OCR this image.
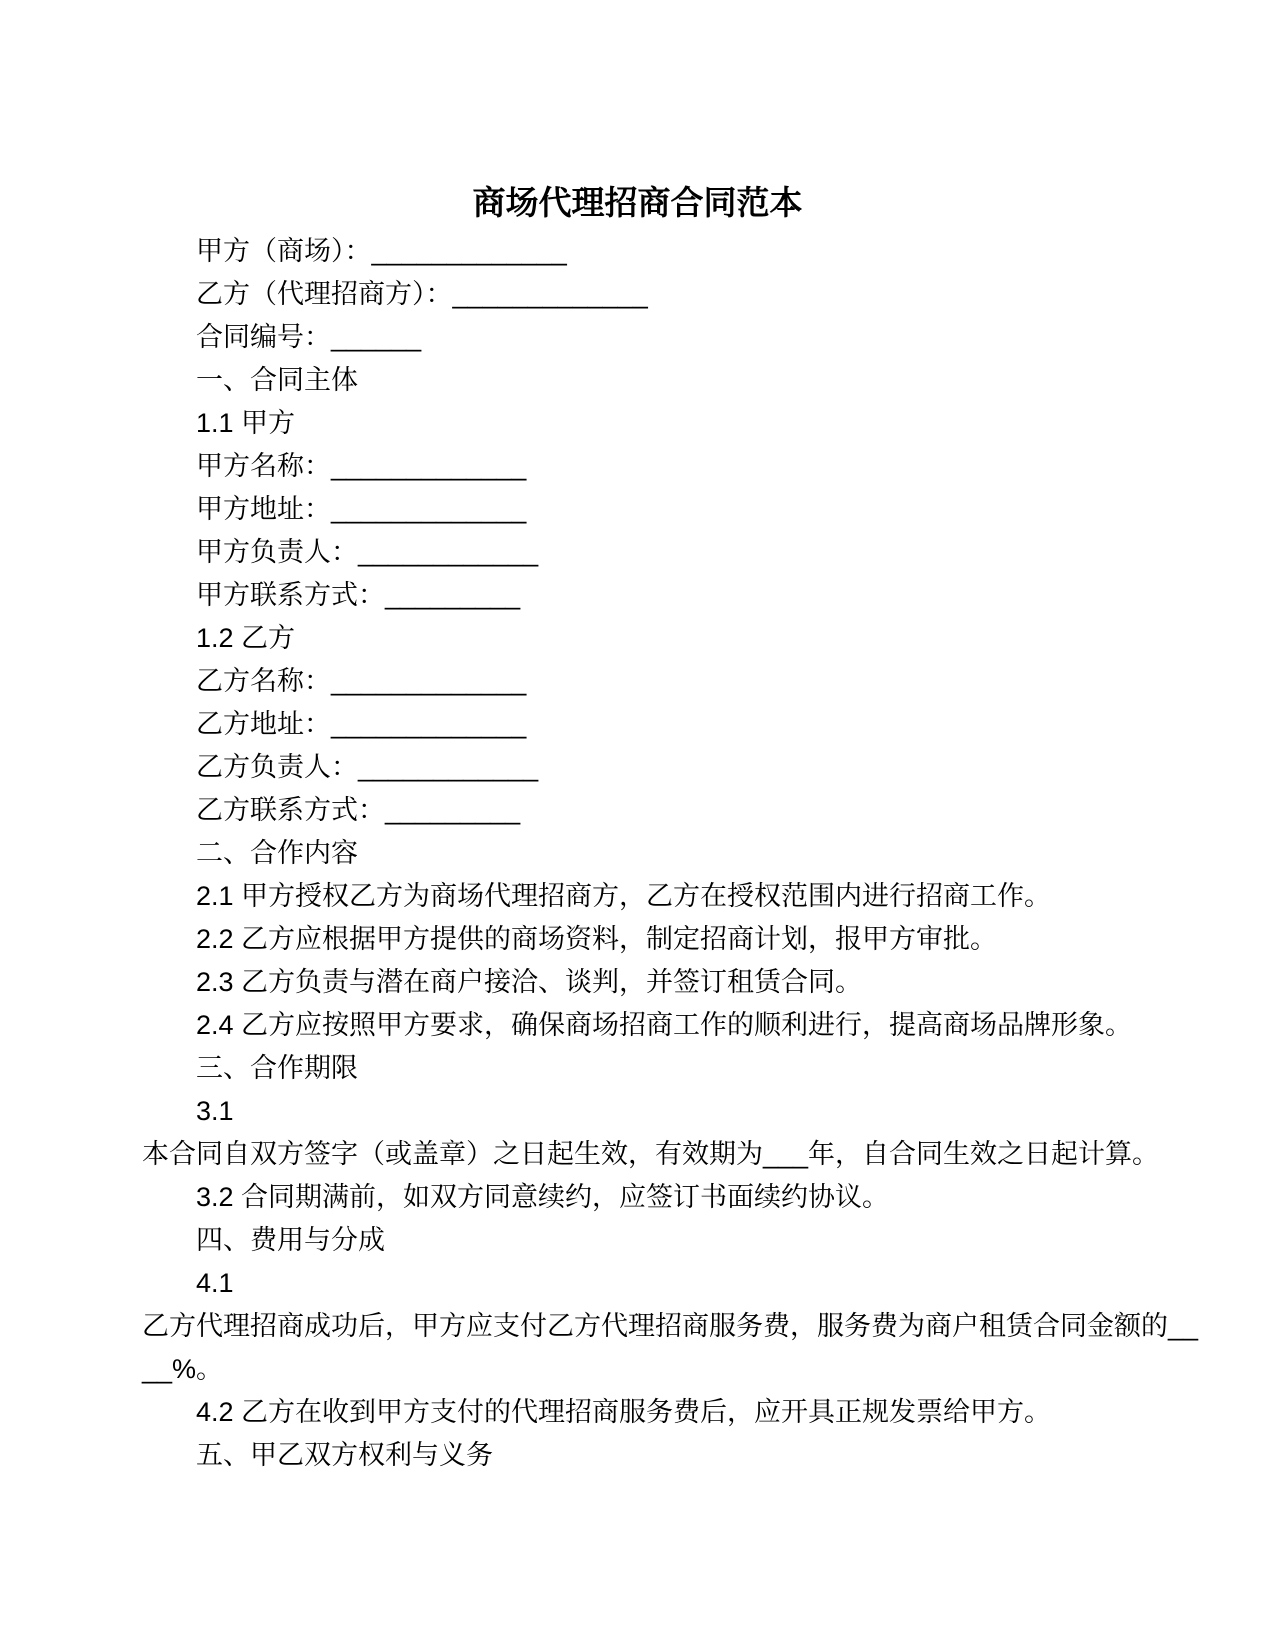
商场代理招商合同范本

甲方（商场）：_____________

乙方（代理招商方）：_____________

合同编号：______

一、合同主体

1.1 甲方

甲方名称：_____________

甲方地址：_____________

甲方负责人：____________

甲方联系方式：_________

1.2 乙方

乙方名称：_____________

乙方地址：_____________

乙方负责人：____________

乙方联系方式：_________

二、合作内容

2.1 甲方授权乙方为商场代理招商方，乙方在授权范围内进行招商工作。

2.2 乙方应根据甲方提供的商场资料，制定招商计划，报甲方审批。

2.3 乙方负责与潜在商户接洽、谈判，并签订租赁合同。

2.4 乙方应按照甲方要求，确保商场招商工作的顺利进行，提高商场品牌形象。

三、合作期限

3.1

本合同自双方签字（或盖章）之日起生效，有效期为___年，自合同生效之日起计算。

3.2 合同期满前，如双方同意续约，应签订书面续约协议。

四、费用与分成

4.1

乙方代理招商成功后，甲方应支付乙方代理招商服务费，服务费为商户租赁合同金额的__

__%。

4.2 乙方在收到甲方支付的代理招商服务费后，应开具正规发票给甲方。

五、甲乙双方权利与义务
